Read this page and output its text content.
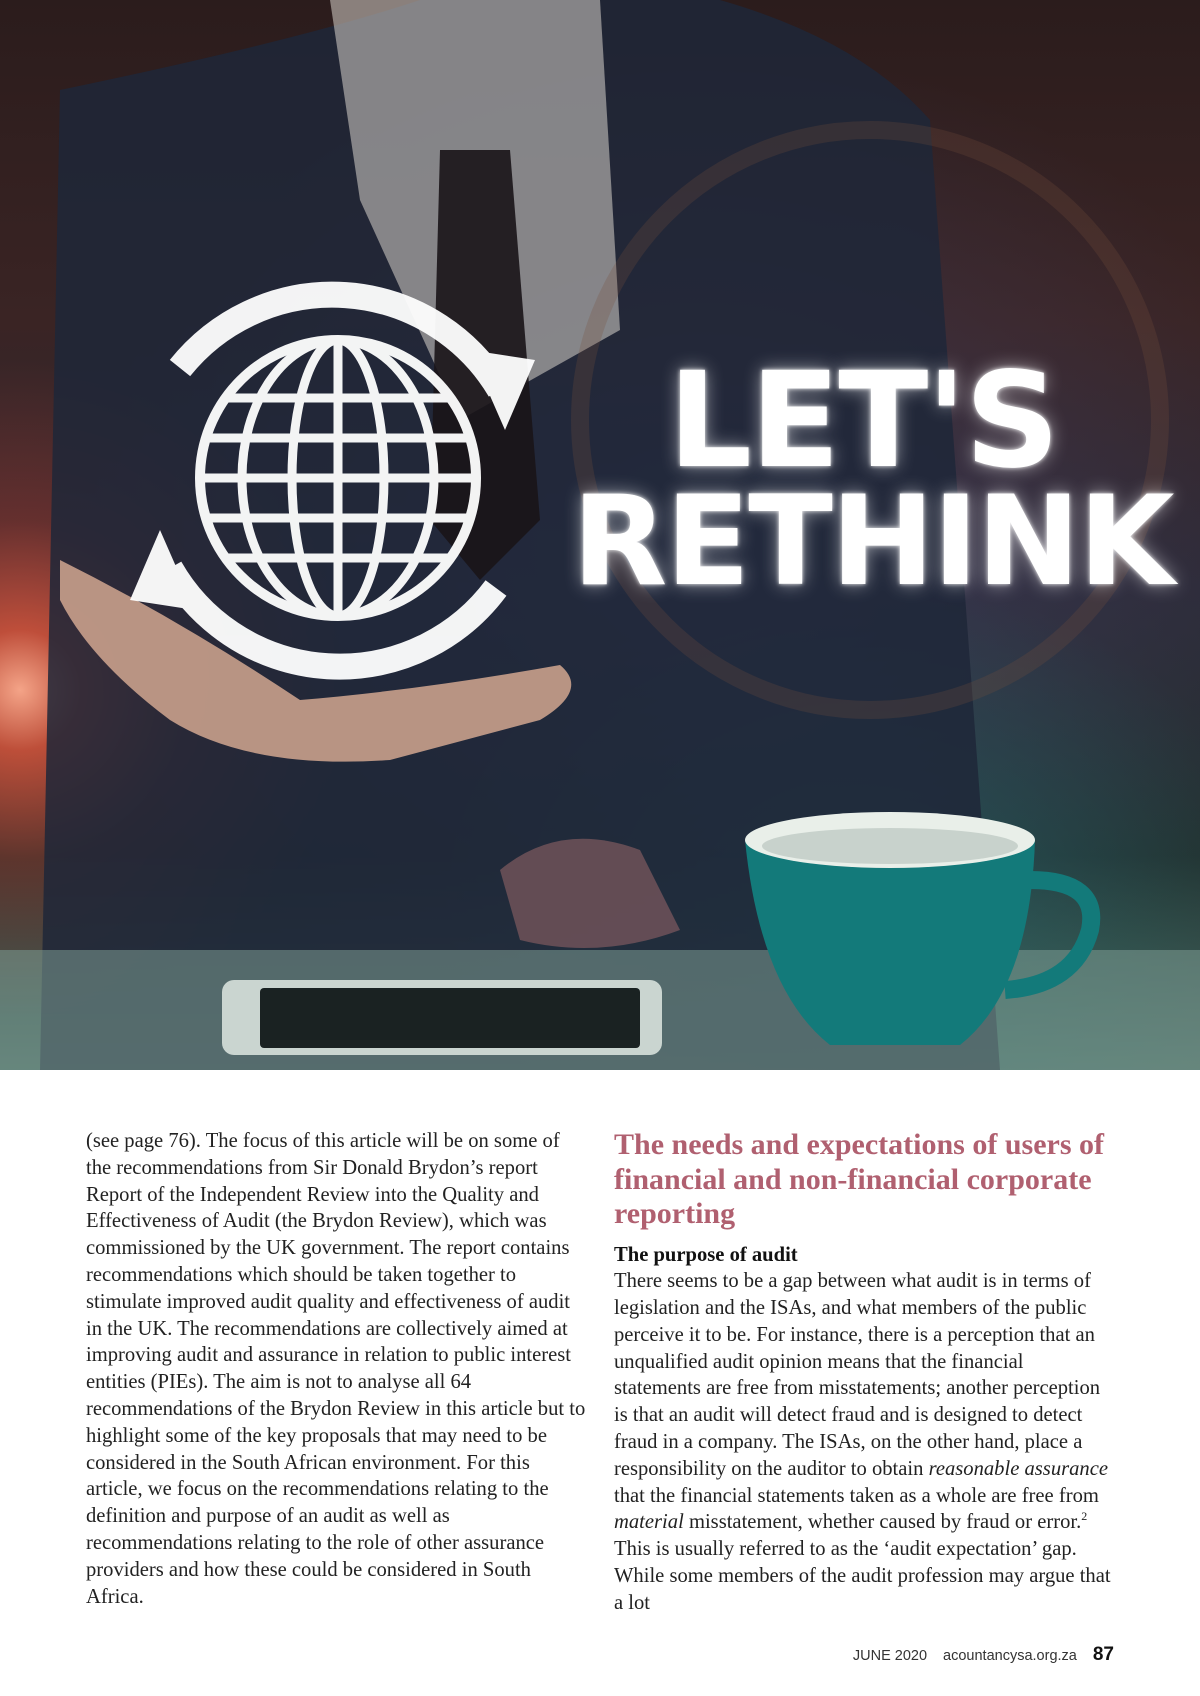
LET'S
RETHINK

(see page 76). The focus of this article will be on some of the recommendations from Sir Donald Brydon’s report Report of the Independent Review into the Quality and Effectiveness of Audit (the Brydon Review), which was commissioned by the UK government. The report contains recommendations which should be taken together to stimulate improved audit quality and effectiveness of audit in the UK. The recommendations are collectively aimed at improving audit and assurance in relation to public interest entities (PIEs). The aim is not to analyse all 64 recommendations of the Brydon Review in this article but to highlight some of the key proposals that may need to be considered in the South African environment. For this article, we focus on the recommendations relating to the definition and purpose of an audit as well as recommendations relating to the role of other assurance providers and how these could be considered in South Africa.

The needs and expectations of users of financial and non-financial corporate reporting
The purpose of audit

There seems to be a gap between what audit is in terms of legislation and the ISAs, and what members of the public perceive it to be. For instance, there is a perception that an unqualified audit opinion means that the financial statements are free from misstatements; another perception is that an audit will detect fraud and is designed to detect fraud in a company. The ISAs, on the other hand, place a responsibility on the auditor to obtain reasonable assurance that the financial statements taken as a whole are free from material misstatement, whether caused by fraud or error.$^2$ This is usually referred to as the ‘audit expectation’ gap. While some members of the audit profession may argue that a lot

JUNE 2020 acountancysa.org.za 87
